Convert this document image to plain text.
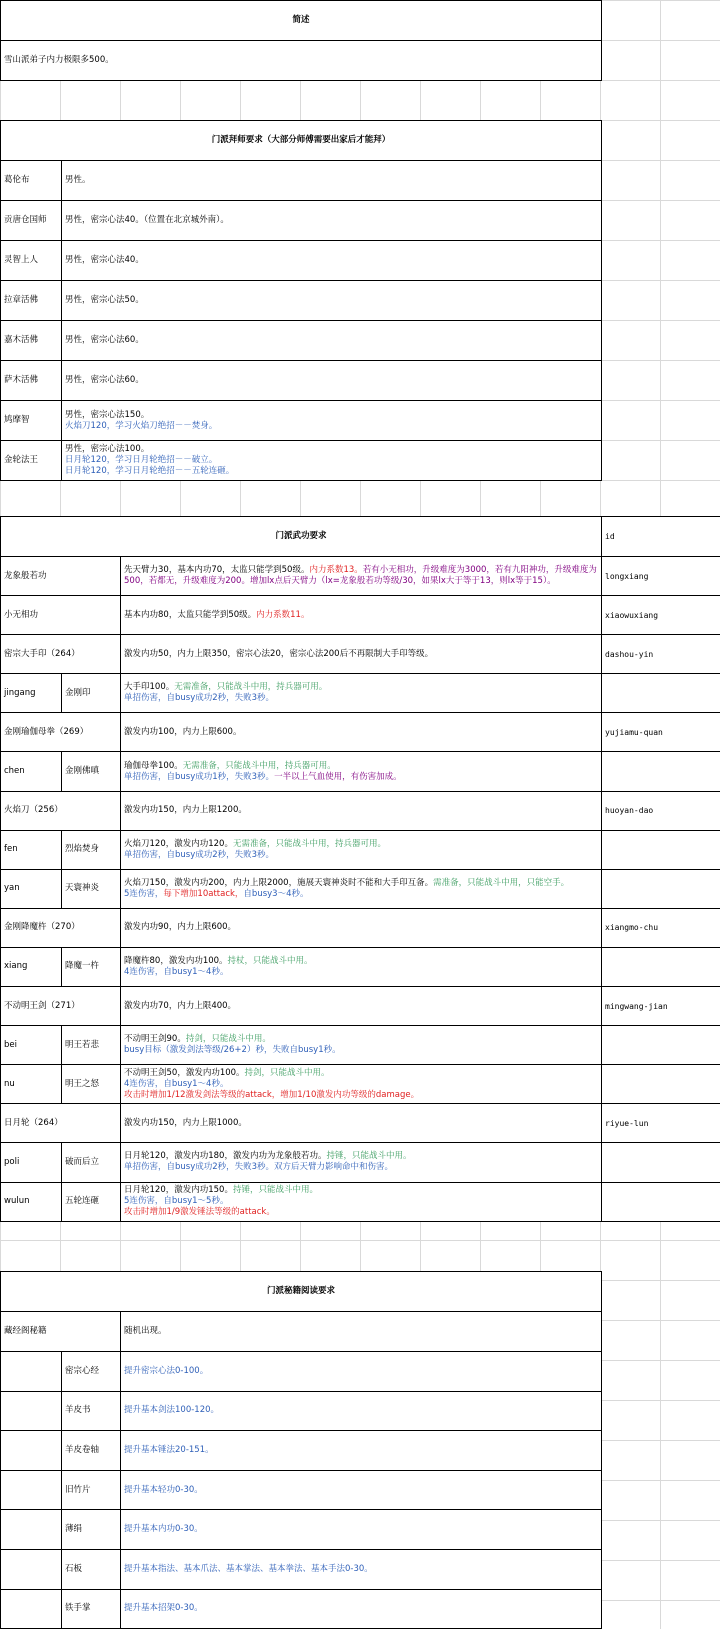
简述
雪山派弟子内力极限多500。
门派拜师要求（大部分师傅需要出家后才能拜）	
葛伦布	男性。

贡唐仓国师	男性，密宗心法40。（位置在北京城外南）。

灵智上人	男性，密宗心法40。

拉章活佛	男性，密宗心法50。

嘉木活佛	男性，密宗心法60。

萨木活佛	男性，密宗心法60。

鸠摩智	男性，密宗心法150。
火焰刀120，学习火焰刀绝招－－焚身。

金轮法王	男性，密宗心法100。
日月轮120，学习日月轮绝招－－破立。
日月轮120，学习日月轮绝招－－五轮连砸。
门派武功要求			id
龙象般若功		先天臂力30，基本内功70，太监只能学到50级。内力系数13。若有小无相功，升级难度为3000，若有九阳神功，升级难度为500，若都无，升级难度为200。增加lx点后天臂力（lx=龙象般若功等级/30，如果lx大于等于13，则lx等于15）。	longxiang
小无相功		基本内功80，太监只能学到50级。内力系数11。	xiaowuxiang
密宗大手印（264）		激发内功50，内力上限350，密宗心法20，密宗心法200后不再限制大手印等级。	dashou-yin
jingang	金刚印	大手印100。无需准备，只能战斗中用，持兵器可用。
单招伤害，自busy成功2秒，失败3秒。	

金刚瑜伽母拳（269）		激发内功100，内力上限600。	yujiamu-quan
chen	金刚佛嗔	瑜伽母拳100。无需准备，只能战斗中用，持兵器可用。
单招伤害，自busy成功1秒，失败3秒。一半以上气血使用，有伤害加成。	

火焰刀（256）		激发内功150，内力上限1200。	huoyan-dao
fen	烈焰焚身	火焰刀120，激发内功120。无需准备，只能战斗中用，持兵器可用。
单招伤害，自busy成功2秒，失败3秒。	

yan	天寰神炎	火焰刀150，激发内功200，内力上限2000，施展天寰神炎时不能和大手印互备。需准备，只能战斗中用，只能空手。
5连伤害，每下增加10attack，自busy3～4秒。	

金刚降魔杵（270）		激发内功90，内力上限600。	xiangmo-chu
xiang	降魔一杵	降魔杵80，激发内功100。持杖，只能战斗中用。
4连伤害，自busy1～4秒。	

不动明王剑（271）		激发内功70，内力上限400。	mingwang-jian
bei	明王若悲	不动明王剑90。持剑，只能战斗中用。
busy目标（激发剑法等级/26+2）秒，失败自busy1秒。	

nu	明王之怒	不动明王剑50，激发内功100。持剑，只能战斗中用。
4连伤害，自busy1～4秒。
攻击时增加1/12激发剑法等级的attack，增加1/10激发内功等级的damage。	

日月轮（264）		激发内功150，内力上限1000。	riyue-lun
poli	破而后立	日月轮120，激发内功180，激发内功为龙象般若功。持锤，只能战斗中用。
单招伤害，自busy成功2秒，失败3秒。双方后天臂力影响命中和伤害。	

wulun	五轮连砸	日月轮120，激发内功150。持锤，只能战斗中用。
5连伤害，自busy1～5秒。
攻击时增加1/9激发锤法等级的attack。	

门派秘籍阅读要求		
藏经阁秘籍		随机出现。
	密宗心经	提升密宗心法0-100。
	羊皮书	提升基本剑法100-120。
	羊皮卷轴	提升基本锤法20-151。
	旧竹片	提升基本轻功0-30。
	薄绢	提升基本内功0-30。
	石板	提升基本指法、基本爪法、基本掌法、基本拳法、基本手法0-30。
	铁手掌	提升基本招架0-30。
